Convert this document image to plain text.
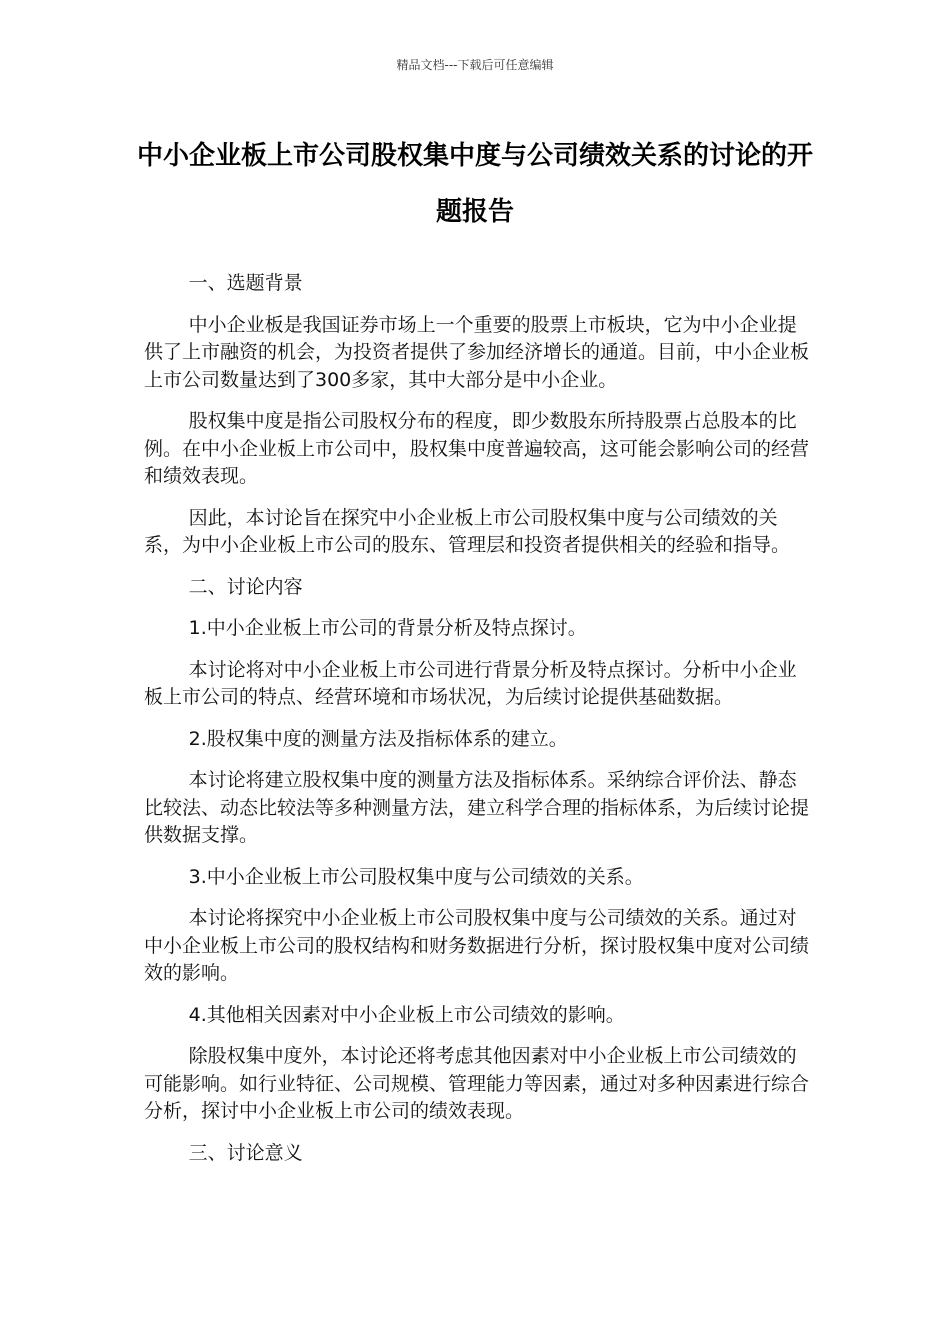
精品文档---下载后可任意编辑
中小企业板上市公司股权集中度与公司绩效关系的讨论的开题报告

一、选题背景

中小企业板是我国证券市场上一个重要的股票上市板块，它为中小企业提供了上市融资的机会，为投资者提供了参加经济增长的通道。目前，中小企业板上市公司数量达到了300多家，其中大部分是中小企业。

股权集中度是指公司股权分布的程度，即少数股东所持股票占总股本的比例。在中小企业板上市公司中，股权集中度普遍较高，这可能会影响公司的经营和绩效表现。

因此，本讨论旨在探究中小企业板上市公司股权集中度与公司绩效的关系，为中小企业板上市公司的股东、管理层和投资者提供相关的经验和指导。

二、讨论内容

1.中小企业板上市公司的背景分析及特点探讨。

本讨论将对中小企业板上市公司进行背景分析及特点探讨。分析中小企业板上市公司的特点、经营环境和市场状况，为后续讨论提供基础数据。

2.股权集中度的测量方法及指标体系的建立。

本讨论将建立股权集中度的测量方法及指标体系。采纳综合评价法、静态比较法、动态比较法等多种测量方法，建立科学合理的指标体系，为后续讨论提供数据支撑。

3.中小企业板上市公司股权集中度与公司绩效的关系。

本讨论将探究中小企业板上市公司股权集中度与公司绩效的关系。通过对中小企业板上市公司的股权结构和财务数据进行分析，探讨股权集中度对公司绩效的影响。

4.其他相关因素对中小企业板上市公司绩效的影响。

除股权集中度外，本讨论还将考虑其他因素对中小企业板上市公司绩效的可能影响。如行业特征、公司规模、管理能力等因素，通过对多种因素进行综合分析，探讨中小企业板上市公司的绩效表现。

三、讨论意义
